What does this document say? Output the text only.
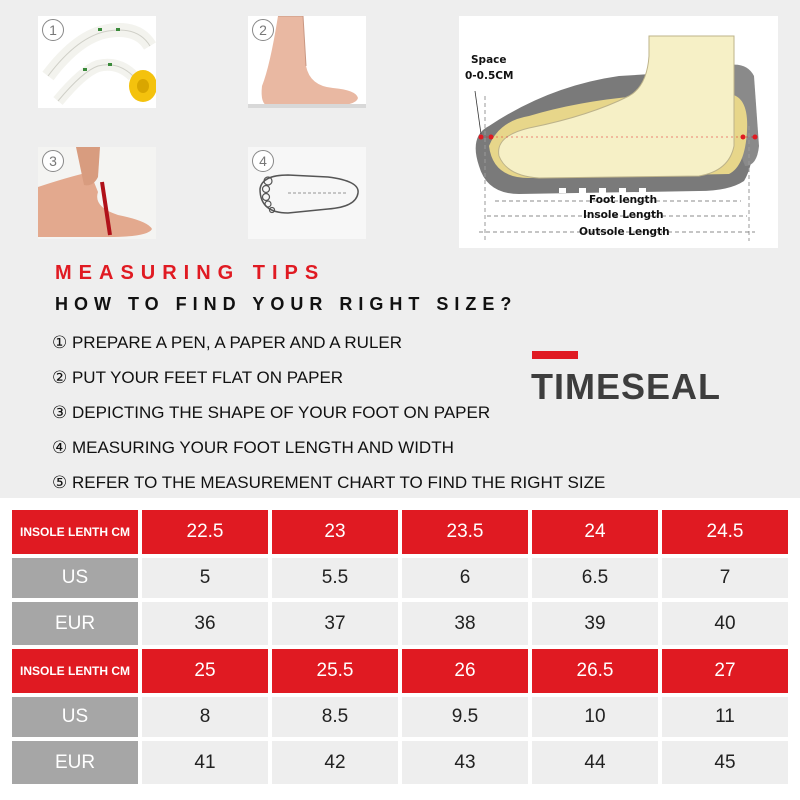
1	2
3	4
Space
0-0.5CM
Foot length
Insole Length
Outsole Length
MEASURING TIPS
HOW TO FIND YOUR RIGHT SIZE?
① PREPARE A PEN, A PAPER AND A RULER
② PUT YOUR FEET FLAT ON PAPER
③ DEPICTING THE SHAPE OF YOUR FOOT ON PAPER
④ MEASURING YOUR FOOT LENGTH AND WIDTH
⑤ REFER TO THE MEASUREMENT CHART TO FIND THE RIGHT SIZE
TIMESEAL
INSOLE LENTH CM	22.5	23	23.5	24	24.5
US	5	5.5	6	6.5	7
EUR	36	37	38	39	40
INSOLE LENTH CM	25	25.5	26	26.5	27
US	8	8.5	9.5	10	11
EUR	41	42	43	44	45
